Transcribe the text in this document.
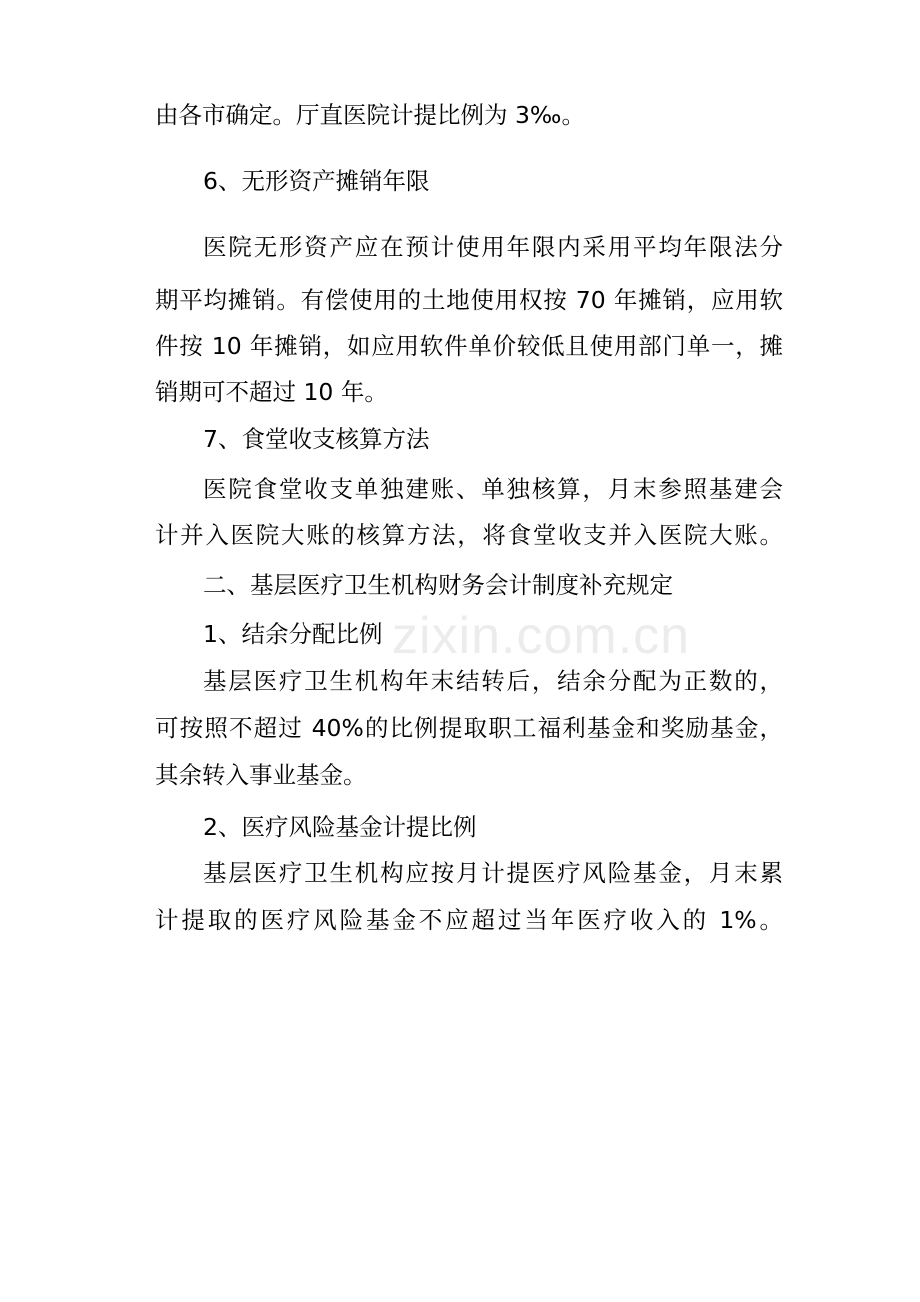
zixin.com.cn

由各市确定。厅直医院计提比例为 3‰。

6、无形资产摊销年限

医院无形资产应在预计使用年限内采用平均年限法分

期平均摊销。有偿使用的土地使用权按 70 年摊销，应用软

件按 10 年摊销，如应用软件单价较低且使用部门单一，摊

销期可不超过 10 年。

7、食堂收支核算方法

医院食堂收支单独建账、单独核算，月末参照基建会

计并入医院大账的核算方法，将食堂收支并入医院大账。

二、基层医疗卫生机构财务会计制度补充规定

1、结余分配比例

基层医疗卫生机构年末结转后，结余分配为正数的，

可按照不超过 40%的比例提取职工福利基金和奖励基金，

其余转入事业基金。

2、医疗风险基金计提比例

基层医疗卫生机构应按月计提医疗风险基金，月末累

计提取的医疗风险基金不应超过当年医疗收入的 1%。
